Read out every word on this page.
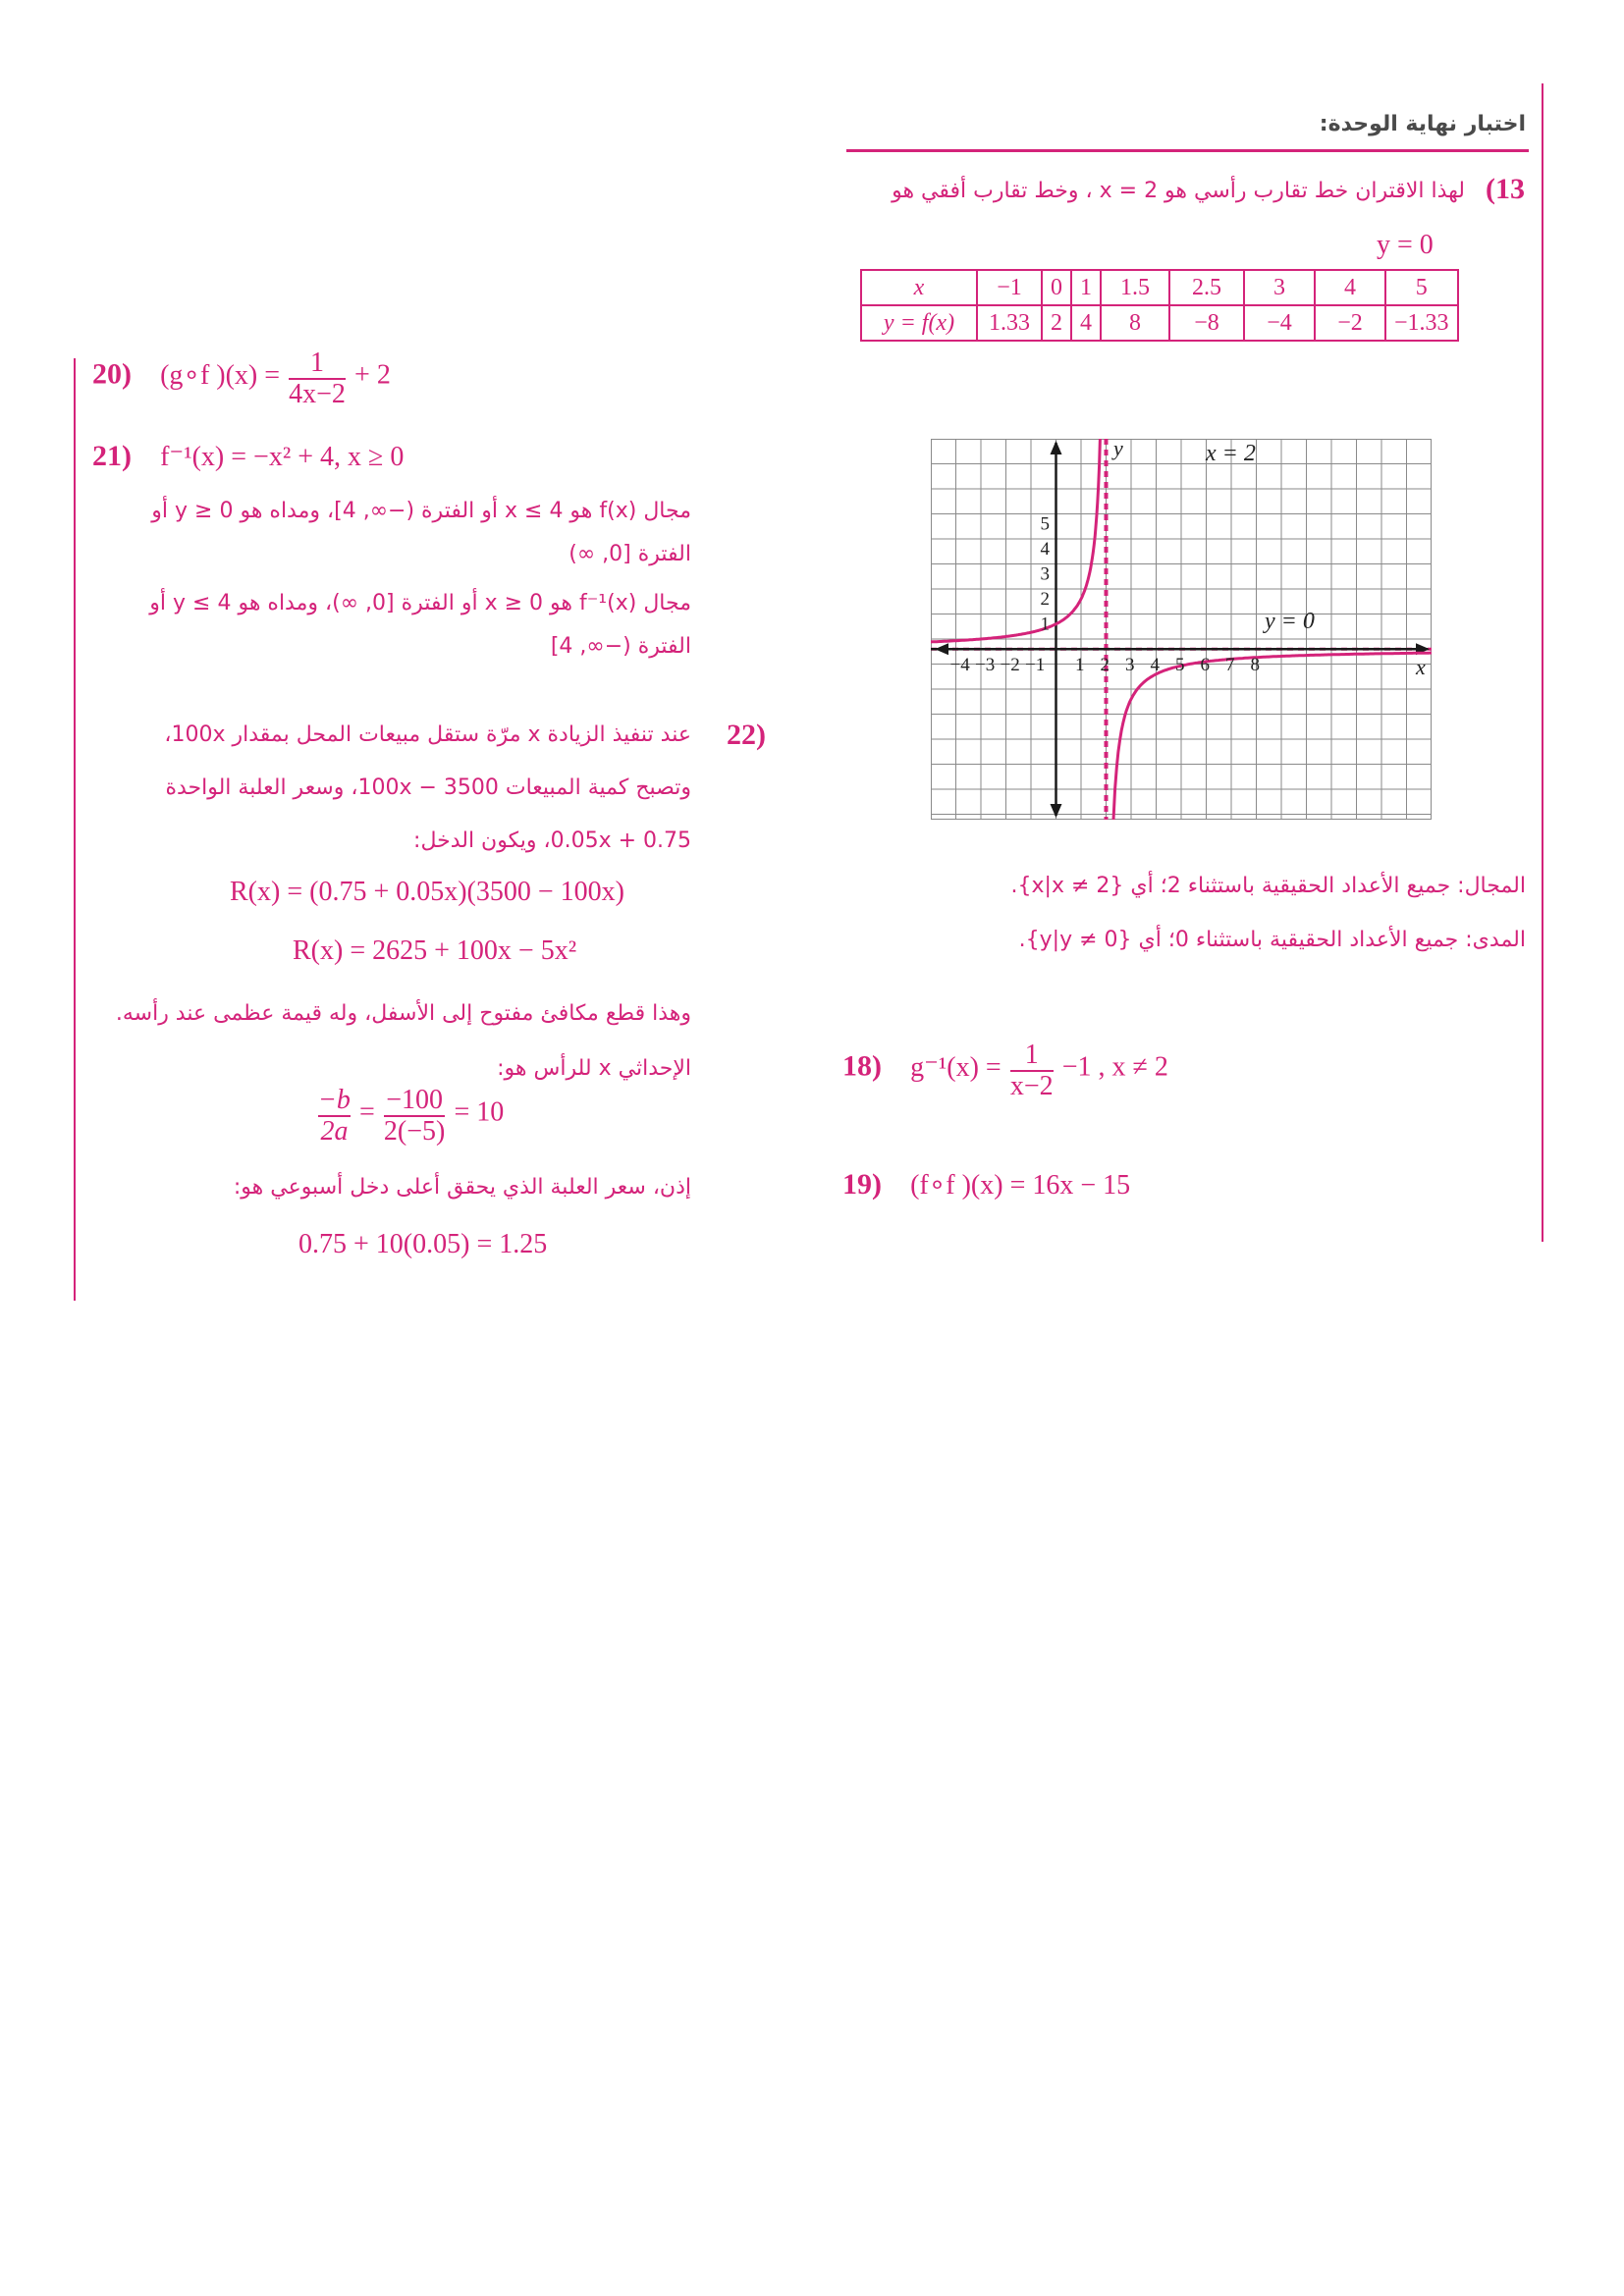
اختبار نهاية الوحدة:
13)
لهذا الاقتران خط تقارب رأسي هو 2 = x ، وخط تقارب أفقي هو
y = 0
x	−1	0	1	1.5	2.5	3	4	5
y = f(x)	1.33	2	4	8	−8	−4	−2	−1.33
−4 −3 −2 −1 1 2 3 4 5 6 7 8
1
2
3
4
5
x = 2
y = 0
y
x
المجال: جميع الأعداد الحقيقية باستثناء 2؛ أي {x|x ≠ 2}.
المدى: جميع الأعداد الحقيقية باستثناء 0؛ أي {y|y ≠ 0}.
18) $g^{-1}(x) = \frac{1}{x-2} -1$ , x ≠ 2
19) (f∘f )(x) = 16x − 15
20) (g∘f )$(x) = \frac{1}{4x-2} + 2$
21) f⁻¹(x) = −x² + 4, x ≥ 0
مجال f(x) هو x ≤ 4 أو الفترة (−∞, 4]، ومداه هو y ≥ 0 أو
الفترة [0, ∞)
مجال f⁻¹(x) هو x ≥ 0 أو الفترة [0, ∞)، ومداه هو y ≤ 4 أو
الفترة (−∞, 4]
22)
عند تنفيذ الزيادة x مرّة ستقل مبيعات المحل بمقدار 100x،
وتصبح كمية المبيعات 100x − 3500، وسعر العلبة الواحدة
0.75 + 0.05x، ويكون الدخل:
R(x) = (0.75 + 0.05x)(3500 − 100x)
R(x) = 2625 + 100x − 5x²
وهذا قطع مكافئ مفتوح إلى الأسفل، وله قيمة عظمى عند رأسه.
الإحداثي x للرأس هو:
$\frac{-b}{2a} = \frac{-100}{2(-5)} = 10$
إذن، سعر العلبة الذي يحقق أعلى دخل أسبوعي هو:
0.75 + 10(0.05) = 1.25
